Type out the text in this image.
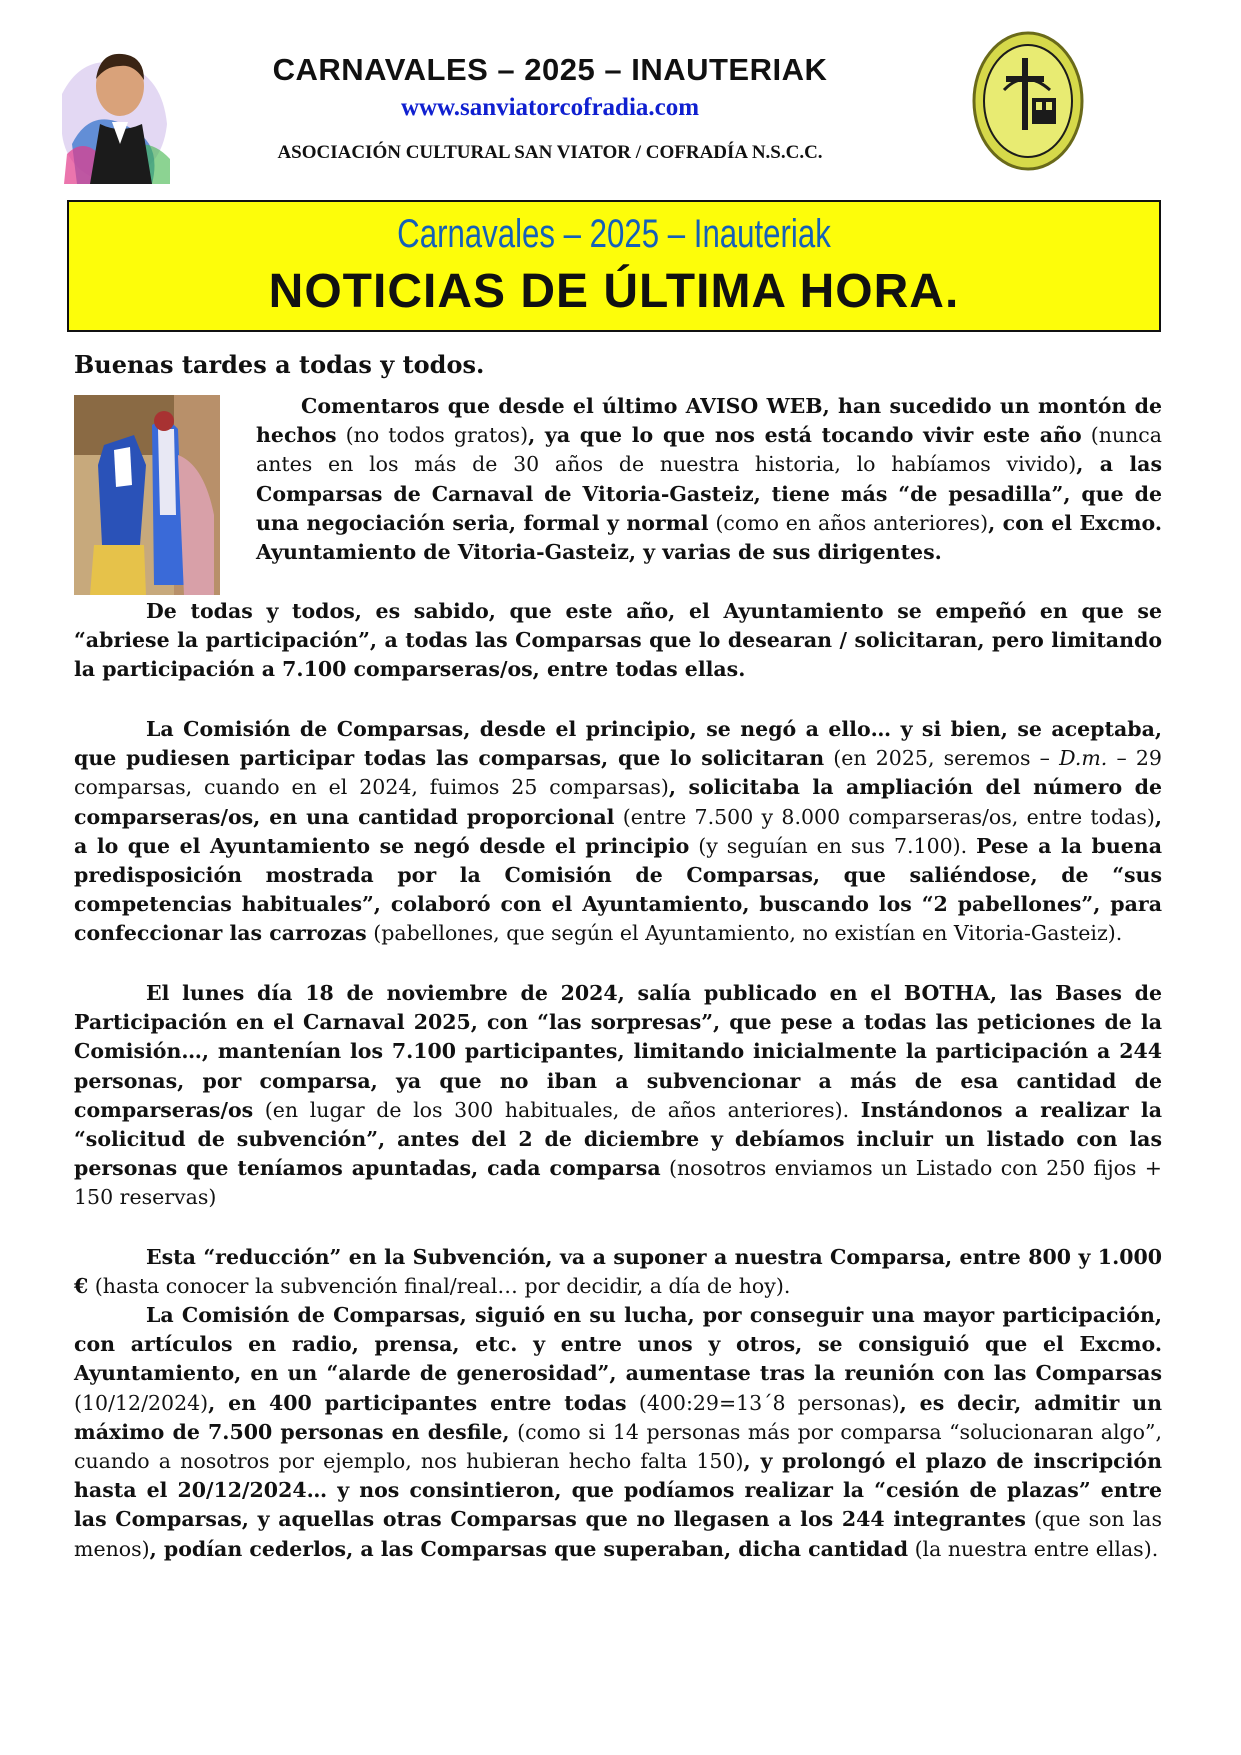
CARNAVALES – 2025 – INAUTERIAK
www.sanviatorcofradia.com
ASOCIACIÓN CULTURAL SAN VIATOR / COFRADÍA N.S.C.C.
Carnavales – 2025 – Inauteriak
NOTICIAS DE ÚLTIMA HORA.
Buenas tardes a todas y todos.
Comentaros que desde el último AVISO WEB, han sucedido un montón de hechos (no todos gratos), ya que lo que nos está tocando vivir este año (nunca antes en los más de 30 años de nuestra historia, lo habíamos vivido), a las Comparsas de Carnaval de Vitoria-Gasteiz, tiene más “de pesadilla”, que de una negociación seria, formal y normal (como en años anteriores), con el Excmo. Ayuntamiento de Vitoria-Gasteiz, y varias de sus dirigentes.
De todas y todos, es sabido, que este año, el Ayuntamiento se empeñó en que se “abriese la participación”, a todas las Comparsas que lo desearan / solicitaran, pero limitando la participación a 7.100 comparseras/os, entre todas ellas.
La Comisión de Comparsas, desde el principio, se negó a ello… y si bien, se aceptaba, que pudiesen participar todas las comparsas, que lo solicitaran (en 2025, seremos – D.m. – 29 comparsas, cuando en el 2024, fuimos 25 comparsas), solicitaba la ampliación del número de comparseras/os, en una cantidad proporcional (entre 7.500 y 8.000 comparseras/os, entre todas), a lo que el Ayuntamiento se negó desde el principio (y seguían en sus 7.100). Pese a la buena predisposición mostrada por la Comisión de Comparsas, que saliéndose, de “sus competencias habituales”, colaboró con el Ayuntamiento, buscando los “2 pabellones”, para confeccionar las carrozas (pabellones, que según el Ayuntamiento, no existían en Vitoria-Gasteiz).
El lunes día 18 de noviembre de 2024, salía publicado en el BOTHA, las Bases de Participación en el Carnaval 2025, con “las sorpresas”, que pese a todas las peticiones de la Comisión…, mantenían los 7.100 participantes, limitando inicialmente la participación a 244 personas, por comparsa, ya que no iban a subvencionar a más de esa cantidad de comparseras/os (en lugar de los 300 habituales, de años anteriores). Instándonos a realizar la “solicitud de subvención”, antes del 2 de diciembre y debíamos incluir un listado con las personas que teníamos apuntadas, cada comparsa (nosotros enviamos un Listado con 250 fijos + 150 reservas)
Esta “reducción” en la Subvención, va a suponer a nuestra Comparsa, entre 800 y 1.000 € (hasta conocer la subvención final/real… por decidir, a día de hoy).
La Comisión de Comparsas, siguió en su lucha, por conseguir una mayor participación, con artículos en radio, prensa, etc. y entre unos y otros, se consiguió que el Excmo. Ayuntamiento, en un “alarde de generosidad”, aumentase tras la reunión con las Comparsas (10/12/2024), en 400 participantes entre todas (400:29=13´8 personas), es decir, admitir un máximo de 7.500 personas en desfile, (como si 14 personas más por comparsa “solucionaran algo”, cuando a nosotros por ejemplo, nos hubieran hecho falta 150), y prolongó el plazo de inscripción hasta el 20/12/2024… y nos consintieron, que podíamos realizar la “cesión de plazas” entre las Comparsas, y aquellas otras Comparsas que no llegasen a los 244 integrantes (que son las menos), podían cederlos, a las Comparsas que superaban, dicha cantidad (la nuestra entre ellas).
